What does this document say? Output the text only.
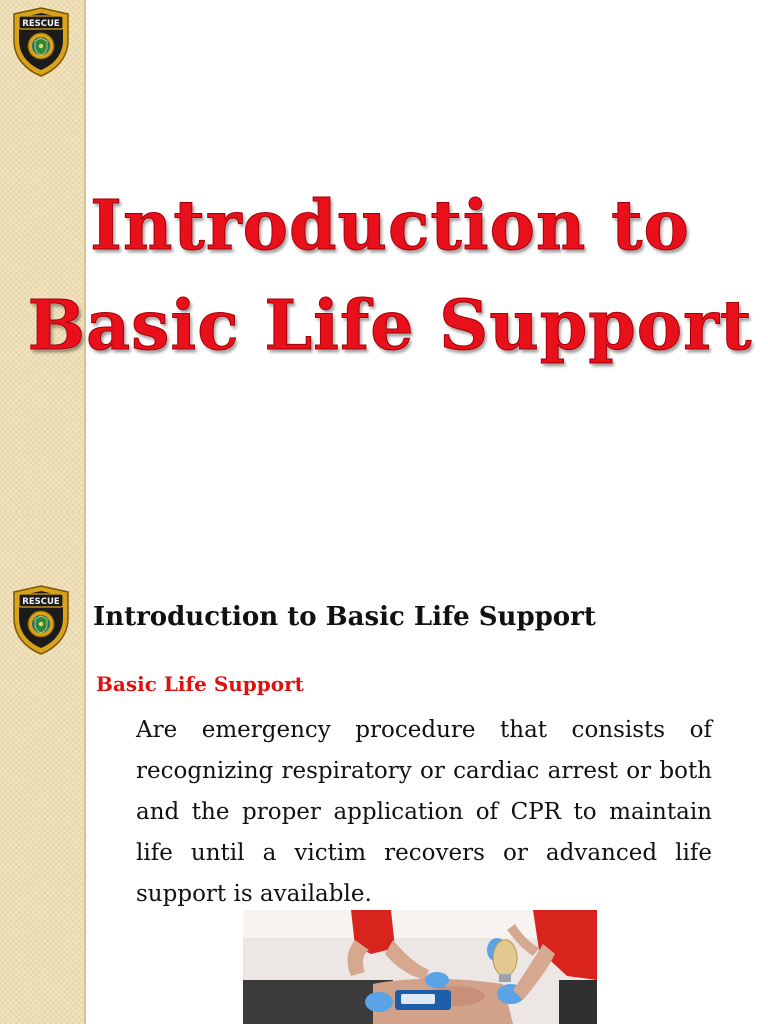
Introduction to
Basic Life Support
Introduction to Basic Life Support
Basic Life Support

Are emergency procedure that consists of recognizing respiratory or cardiac arrest or both and the proper application of CPR to maintain life until a victim recovers or advanced life support is available.
